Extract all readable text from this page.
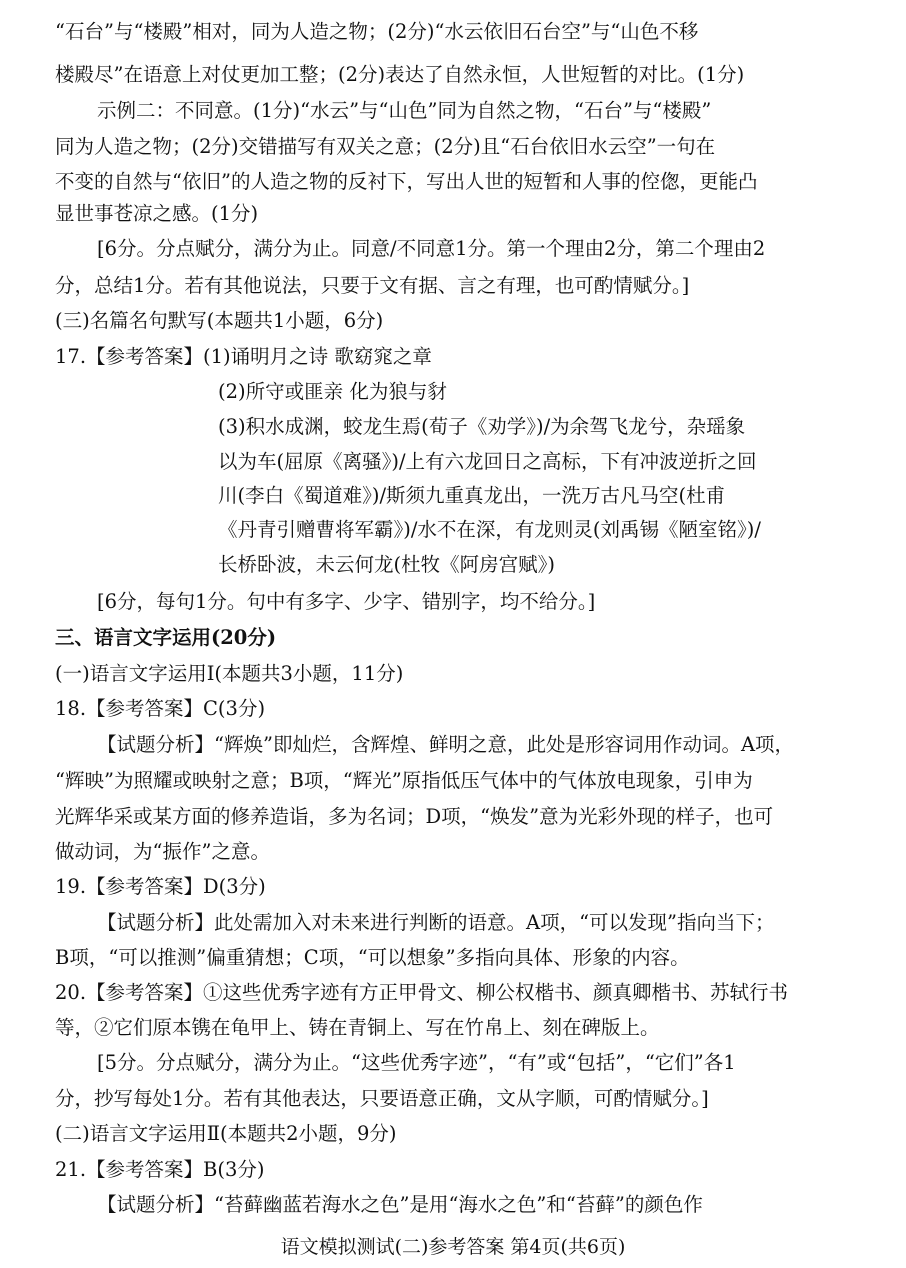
“石台”与“楼殿”相对，同为人造之物；(2分)“水云依旧石台空”与“山色不移

楼殿尽”在语意上对仗更加工整；(2分)表达了自然永恒，人世短暂的对比。(1分)

示例二：不同意。(1分)“水云”与“山色”同为自然之物，“石台”与“楼殿”

同为人造之物；(2分)交错描写有双关之意；(2分)且“石台依旧水云空”一句在

不变的自然与“依旧”的人造之物的反衬下，写出人世的短暂和人事的倥偬，更能凸

显世事苍凉之感。(1分)

[6分。分点赋分，满分为止。同意/不同意1分。第一个理由2分，第二个理由2

分，总结1分。若有其他说法，只要于文有据、言之有理，也可酌情赋分。]

(三)名篇名句默写(本题共1小题，6分)

17.【参考答案】(1)诵明月之诗 歌窈窕之章

(2)所守或匪亲 化为狼与豺

(3)积水成渊，蛟龙生焉(荀子《劝学》)/为余驾飞龙兮，杂瑶象

以为车(屈原《离骚》)/上有六龙回日之高标，下有冲波逆折之回

川(李白《蜀道难》)/斯须九重真龙出，一洗万古凡马空(杜甫

《丹青引赠曹将军霸》)/水不在深，有龙则灵(刘禹锡《陋室铭》)/

长桥卧波，未云何龙(杜牧《阿房宫赋》)

[6分，每句1分。句中有多字、少字、错别字，均不给分。]

三、语言文字运用(20分)

(一)语言文字运用Ⅰ(本题共3小题，11分)

18.【参考答案】C(3分)

【试题分析】“辉焕”即灿烂，含辉煌、鲜明之意，此处是形容词用作动词。A项，

“辉映”为照耀或映射之意；B项，“辉光”原指低压气体中的气体放电现象，引申为

光辉华采或某方面的修养造诣，多为名词；D项，“焕发”意为光彩外现的样子，也可

做动词，为“振作”之意。

19.【参考答案】D(3分)

【试题分析】此处需加入对未来进行判断的语意。A项，“可以发现”指向当下；

B项，“可以推测”偏重猜想；C项，“可以想象”多指向具体、形象的内容。

20.【参考答案】①这些优秀字迹有方正甲骨文、柳公权楷书、颜真卿楷书、苏轼行书

等，②它们原本镌在龟甲上、铸在青铜上、写在竹帛上、刻在碑版上。

[5分。分点赋分，满分为止。“这些优秀字迹”，“有”或“包括”，“它们”各1

分，抄写每处1分。若有其他表达，只要语意正确，文从字顺，可酌情赋分。]

(二)语言文字运用Ⅱ(本题共2小题，9分)

21.【参考答案】B(3分)

【试题分析】“苔藓幽蓝若海水之色”是用“海水之色”和“苔藓”的颜色作

语文模拟测试(二)参考答案 第4页(共6页)
